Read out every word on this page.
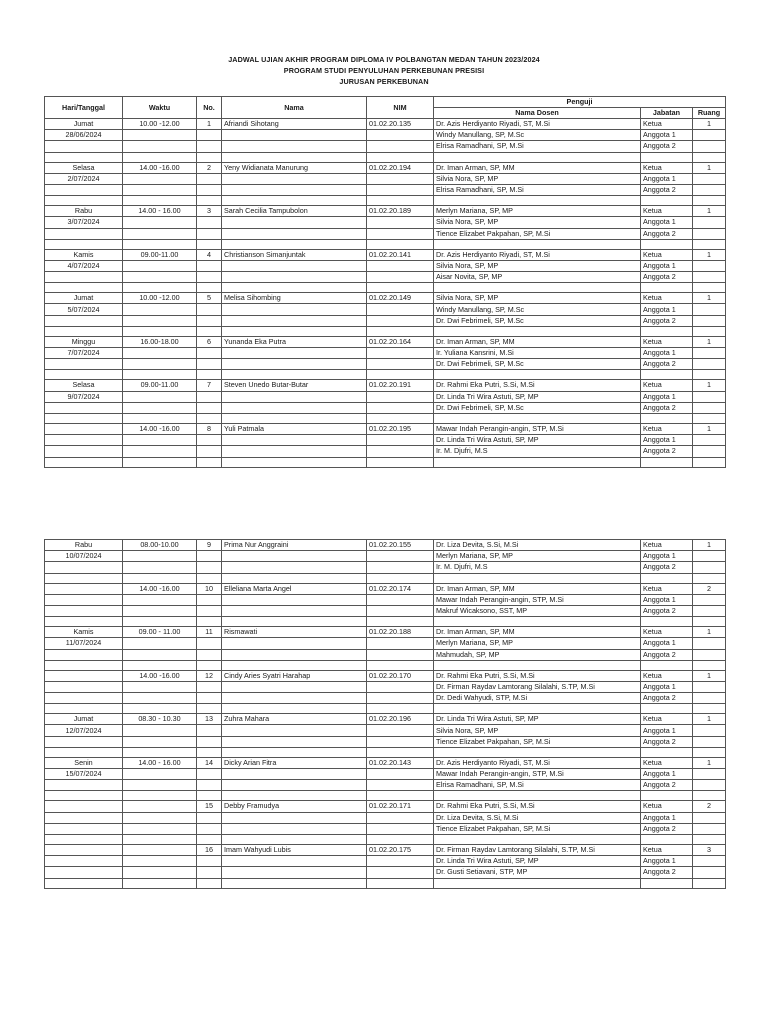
JADWAL UJIAN AKHIR PROGRAM DIPLOMA IV POLBANGTAN MEDAN TAHUN 2023/2024
PROGRAM STUDI PENYULUHAN PERKEBUNAN PRESISI
JURUSAN PERKEBUNAN
Hari/Tanggal	Waktu	No.	Nama	NIM	Penguji		
					Nama Dosen	Jabatan	Ruang
Jumat	10.00 -12.00	1	Afriandi Sihotang	01.02.20.135	Dr. Azis Herdiyanto Riyadi, ST, M.Si	Ketua	1
28/06/2024					Windy Manullang, SP, M.Sc	Anggota 1	
					Elrisa Ramadhani, SP, M.Si	Anggota 2	

Selasa	14.00 -16.00	2	Yeny Widianata Manurung	01.02.20.194	Dr. Iman Arman, SP, MM	Ketua	1
2/07/2024					Silvia Nora, SP, MP	Anggota 1	
					Elrisa Ramadhani, SP, M.Si	Anggota 2	

Rabu	14.00 - 16.00	3	Sarah Cecilia Tampubolon	01.02.20.189	Merlyn Mariana, SP, MP	Ketua	1
3/07/2024					Silvia Nora, SP, MP	Anggota 1	
					Tience Elizabet Pakpahan, SP, M.Si	Anggota 2	

Kamis	09.00-11.00	4	Christianson Simanjuntak	01.02.20.141	Dr. Azis Herdiyanto Riyadi, ST, M.Si	Ketua	1
4/07/2024					Silvia Nora, SP, MP	Anggota 1	
					Aisar Novita, SP, MP	Anggota 2	

Jumat	10.00 -12.00	5	Melisa Sihombing	01.02.20.149	Silvia Nora, SP, MP	Ketua	1
5/07/2024					Windy Manullang, SP, M.Sc	Anggota 1	
					Dr. Dwi Febrimeli, SP, M.Sc	Anggota 2	

Minggu	16.00-18.00	6	Yunanda Eka Putra	01.02.20.164	Dr. Iman Arman, SP, MM	Ketua	1
7/07/2024					Ir. Yuliana Kansrini, M.Si	Anggota 1	
					Dr. Dwi Febrimeli, SP, M.Sc	Anggota 2	

Selasa	09.00-11.00	7	Steven Unedo Butar-Butar	01.02.20.191	Dr. Rahmi Eka Putri, S.Si, M.Si	Ketua	1
9/07/2024					Dr. Linda Tri Wira Astuti, SP, MP	Anggota 1	
					Dr. Dwi Febrimeli, SP, M.Sc	Anggota 2	

	14.00 -16.00	8	Yuli Patmala	01.02.20.195	Mawar Indah Perangin-angin, STP, M.Si	Ketua	1
					Dr. Linda Tri Wira Astuti, SP, MP	Anggota 1	
					Ir. M. Djufri, M.S	Anggota 2	

Rabu	08.00-10.00	9	Prima Nur Anggraini	01.02.20.155	Dr. Liza Devita, S.Si, M.Si	Ketua	1
10/07/2024					Merlyn Mariana, SP, MP	Anggota 1	
					Ir. M. Djufri, M.S	Anggota 2	

	14.00 -16.00	10	Elleliana Marta Angel	01.02.20.174	Dr. Iman Arman, SP, MM	Ketua	2
					Mawar Indah Perangin-angin, STP, M.Si	Anggota 1	
					Makruf Wicaksono, SST, MP	Anggota 2	

Kamis	09.00 - 11.00	11	Rismawati	01.02.20.188	Dr. Iman Arman, SP, MM	Ketua	1
11/07/2024					Merlyn Mariana, SP, MP	Anggota 1	
					Mahmudah, SP, MP	Anggota 2	

	14.00 -16.00	12	Cindy Aries Syatri Harahap	01.02.20.170	Dr. Rahmi Eka Putri, S.Si, M.Si	Ketua	1
					Dr. Firman Raydav Lamtorang Silalahi, S.TP, M.Si	Anggota 1	
					Dr. Dedi Wahyudi, STP, M.Si	Anggota 2	

Jumat	08.30 - 10.30	13	Zuhra Mahara	01.02.20.196	Dr. Linda Tri Wira Astuti, SP, MP	Ketua	1
12/07/2024					Silvia Nora, SP, MP	Anggota 1	
					Tience Elizabet Pakpahan, SP, M.Si	Anggota 2	

Senin	14.00 - 16.00	14	Dicky Arian Fitra	01.02.20.143	Dr. Azis Herdiyanto Riyadi, ST, M.Si	Ketua	1
15/07/2024					Mawar Indah Perangin-angin, STP, M.Si	Anggota 1	
					Elrisa Ramadhani, SP, M.Si	Anggota 2	

		15	Debby Framudya	01.02.20.171	Dr. Rahmi Eka Putri, S.Si, M.Si	Ketua	2
					Dr. Liza Devita, S.Si, M.Si	Anggota 1	
					Tience Elizabet Pakpahan, SP, M.Si	Anggota 2	

		16	Imam Wahyudi Lubis	01.02.20.175	Dr. Firman Raydav Lamtorang Silalahi, S.TP, M.Si	Ketua	3
					Dr. Linda Tri Wira Astuti, SP, MP	Anggota 1	
					Dr. Gusti Setiavani, STP, MP	Anggota 2	
